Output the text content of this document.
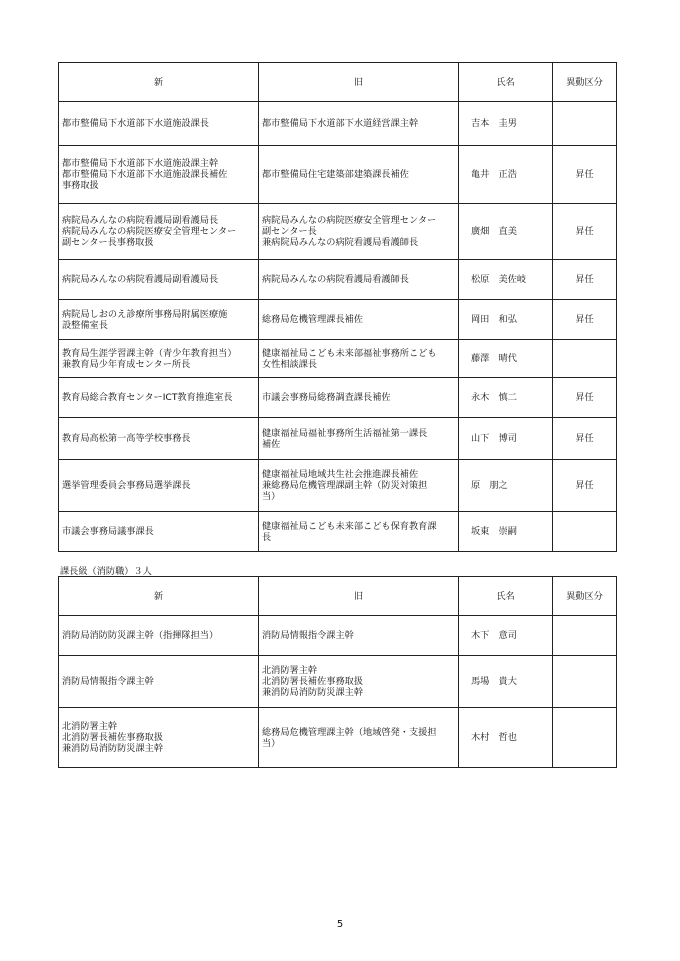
新	旧	氏名	異動区分

都市整備局下水道部下水道施設課長	都市整備局下水道部下水道経営課主幹	吉本　圭男	

都市整備局下水道部下水道施設課主幹
都市整備局下水道部下水道施設課長補佐
事務取扱	都市整備局住宅建築部建築課長補佐	亀井　正浩	昇任

病院局みんなの病院看護局副看護局長
病院局みんなの病院医療安全管理センター
副センター長事務取扱	病院局みんなの病院医療安全管理センター
副センター長
兼病院局みんなの病院看護局看護師長	廣畑　直美	昇任

病院局みんなの病院看護局副看護局長	病院局みんなの病院看護局看護師長	松原　美佐岐	昇任

病院局しおのえ診療所事務局附属医療施
設整備室長	総務局危機管理課長補佐	岡田　和弘	昇任

教育局生涯学習課主幹（青少年教育担当）
兼教育局少年育成センター所長	健康福祉局こども未来部福祉事務所こども
女性相談課長	藤澤　晴代	

教育局総合教育センターICT教育推進室長	市議会事務局総務調査課長補佐	永木　慎二	昇任

教育局高松第一高等学校事務長	健康福祉局福祉事務所生活福祉第一課長
補佐	山下　博司	昇任

選挙管理委員会事務局選挙課長	健康福祉局地域共生社会推進課長補佐
兼総務局危機管理課副主幹（防災対策担
当）	原　朋之	昇任

市議会事務局議事課長	健康福祉局こども未来部こども保育教育課
長	坂東　崇嗣	
課長級（消防職）３人
新	旧	氏名	異動区分

消防局消防防災課主幹（指揮隊担当）	消防局情報指令課主幹	木下　意司	

消防局情報指令課主幹	北消防署主幹
北消防署長補佐事務取扱
兼消防局消防防災課主幹	馬場　貴大	

北消防署主幹
北消防署長補佐事務取扱
兼消防局消防防災課主幹	総務局危機管理課主幹（地域啓発・支援担
当）	木村　哲也	
5
